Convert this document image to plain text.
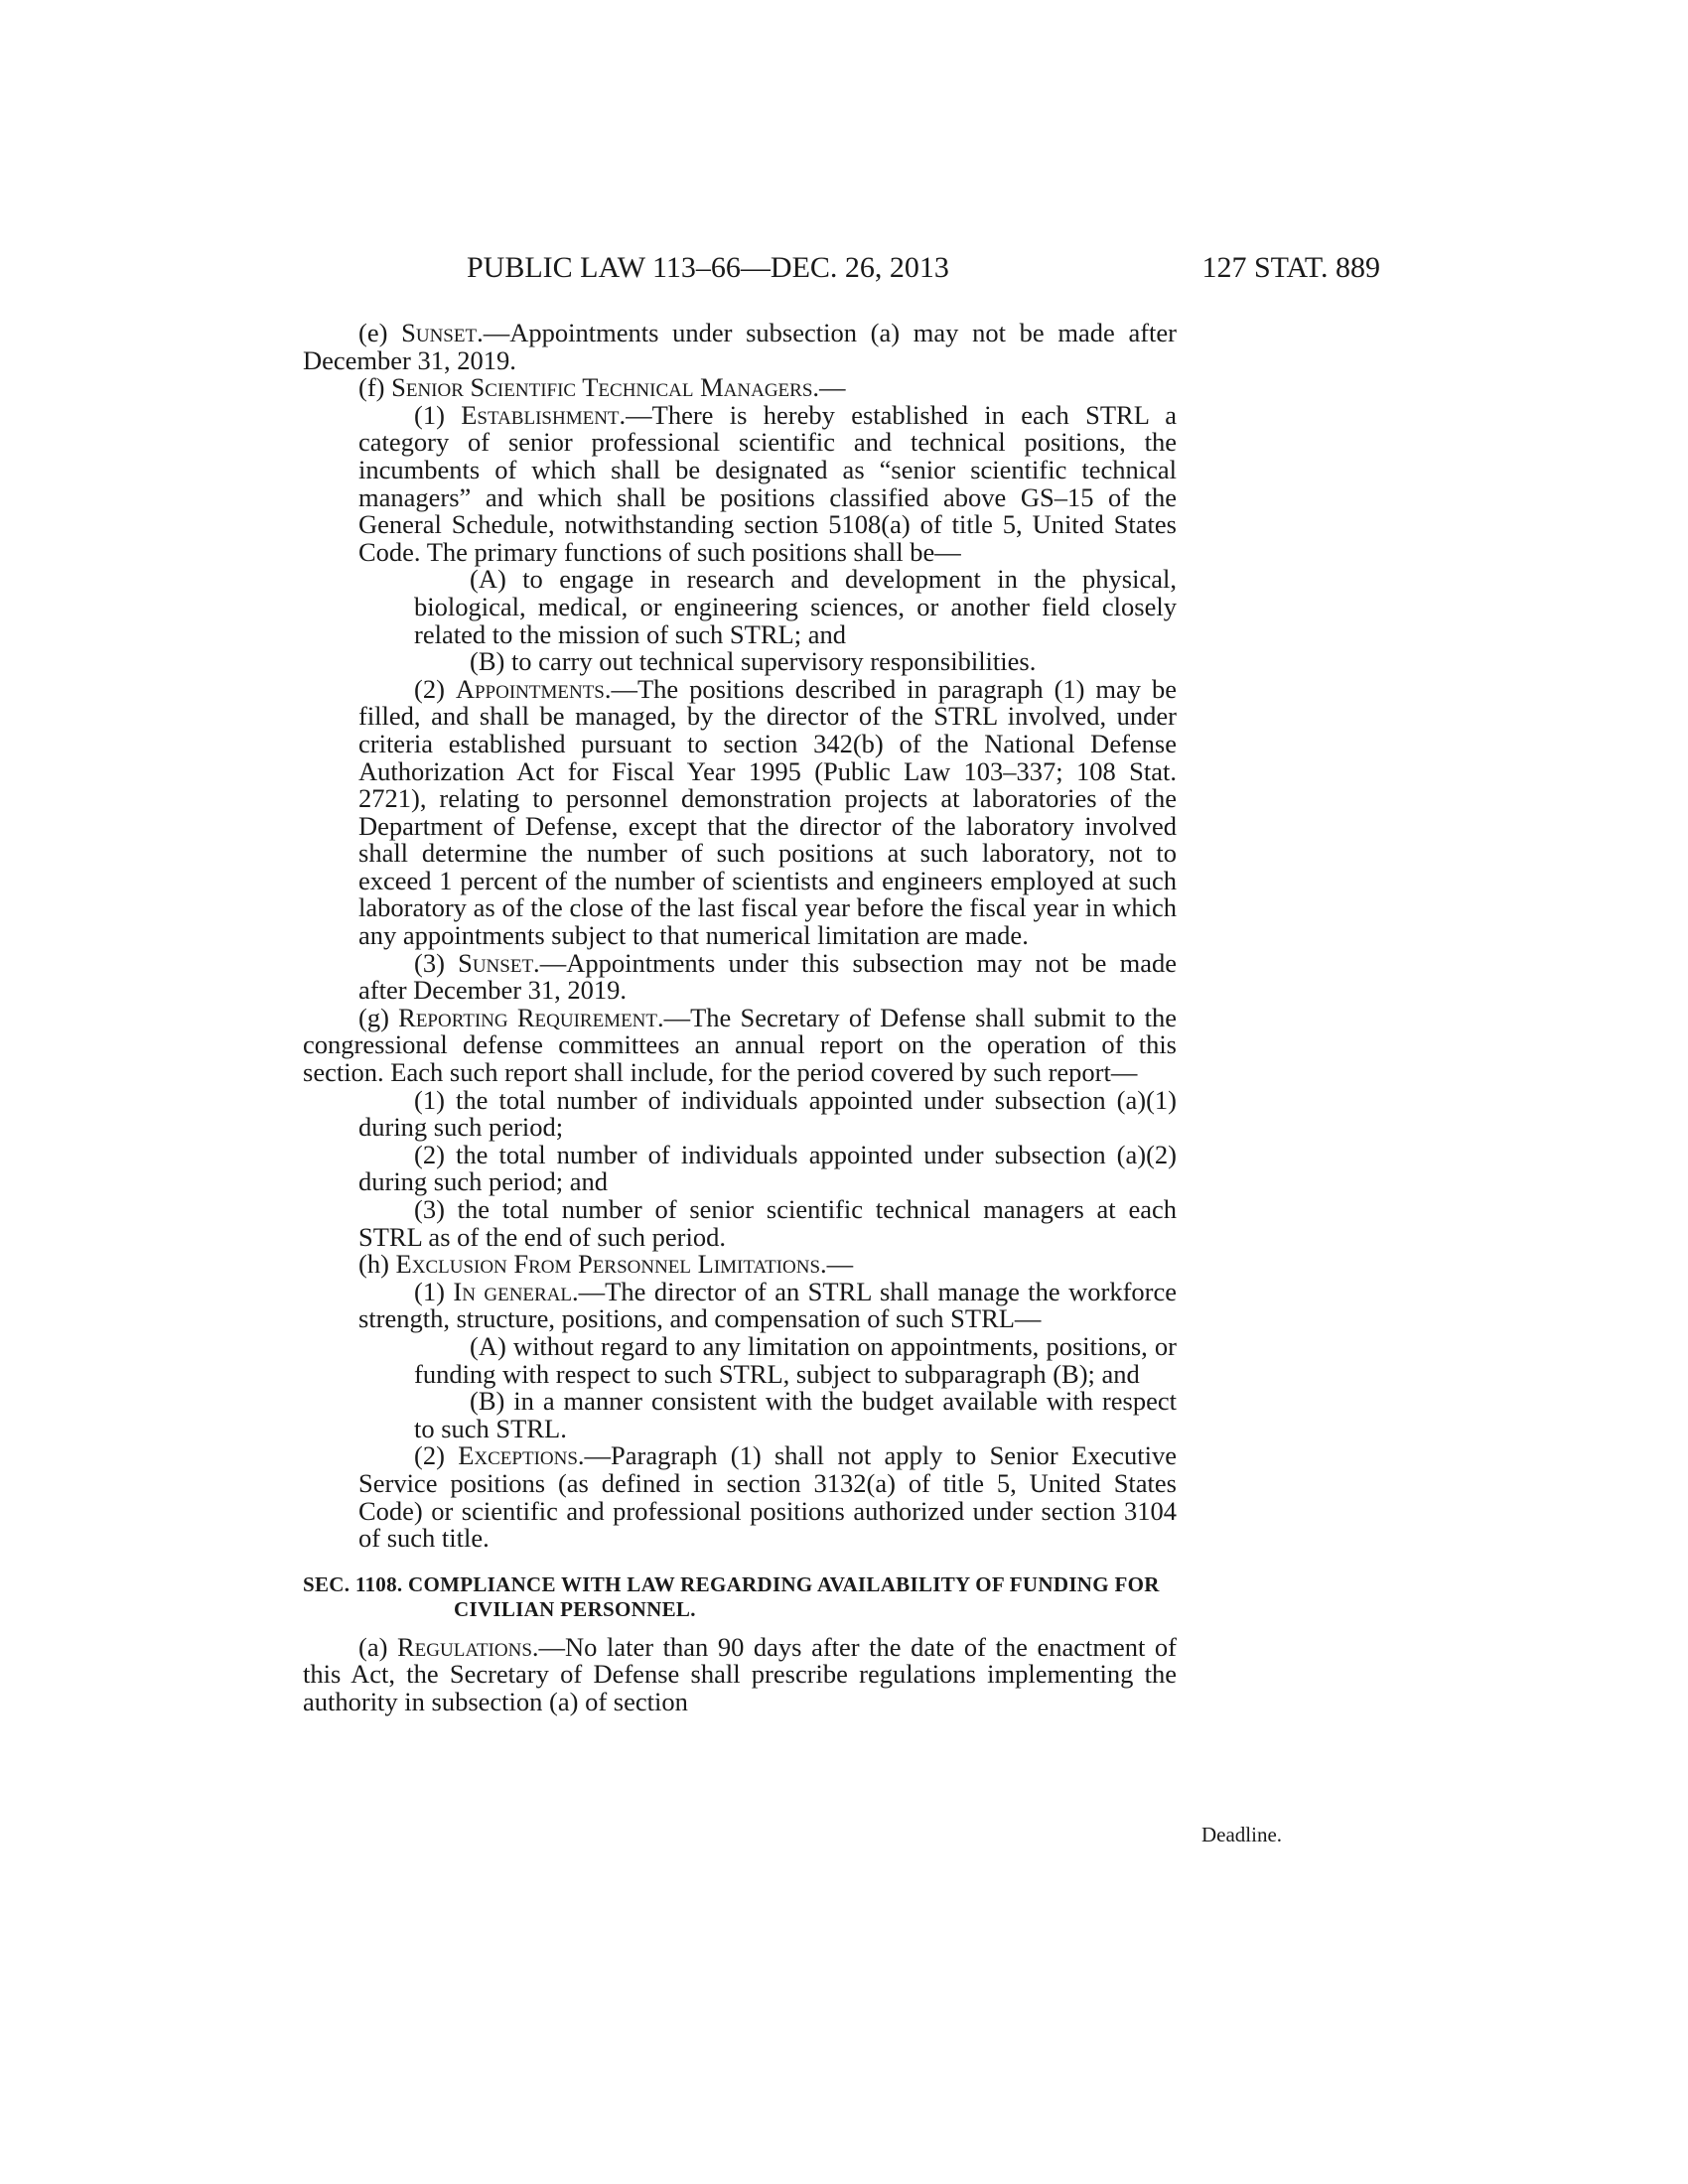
PUBLIC LAW 113–66—DEC. 26, 2013	127 STAT. 889
Deadline.

(e) Sunset.—Appointments under subsection (a) may not be made after December 31, 2019.

(f) Senior Scientific Technical Managers.—

(1) Establishment.—There is hereby established in each STRL a category of senior professional scientific and technical positions, the incumbents of which shall be designated as “senior scientific technical managers” and which shall be positions classified above GS–15 of the General Schedule, notwithstanding section 5108(a) of title 5, United States Code. The primary functions of such positions shall be—

(A) to engage in research and development in the physical, biological, medical, or engineering sciences, or another field closely related to the mission of such STRL; and

(B) to carry out technical supervisory responsibilities.

(2) Appointments.—The positions described in paragraph (1) may be filled, and shall be managed, by the director of the STRL involved, under criteria established pursuant to section 342(b) of the National Defense Authorization Act for Fiscal Year 1995 (Public Law 103–337; 108 Stat. 2721), relating to personnel demonstration projects at laboratories of the Department of Defense, except that the director of the laboratory involved shall determine the number of such positions at such laboratory, not to exceed 1 percent of the number of scientists and engineers employed at such laboratory as of the close of the last fiscal year before the fiscal year in which any appointments subject to that numerical limitation are made.

(3) Sunset.—Appointments under this subsection may not be made after December 31, 2019.

(g) Reporting Requirement.—The Secretary of Defense shall submit to the congressional defense committees an annual report on the operation of this section. Each such report shall include, for the period covered by such report—

(1) the total number of individuals appointed under subsection (a)(1) during such period;

(2) the total number of individuals appointed under subsection (a)(2) during such period; and

(3) the total number of senior scientific technical managers at each STRL as of the end of such period.

(h) Exclusion From Personnel Limitations.—

(1) In general.—The director of an STRL shall manage the workforce strength, structure, positions, and compensation of such STRL—

(A) without regard to any limitation on appointments, positions, or funding with respect to such STRL, subject to subparagraph (B); and

(B) in a manner consistent with the budget available with respect to such STRL.

(2) Exceptions.—Paragraph (1) shall not apply to Senior Executive Service positions (as defined in section 3132(a) of title 5, United States Code) or scientific and professional positions authorized under section 3104 of such title.

SEC. 1108. COMPLIANCE WITH LAW REGARDING AVAILABILITY OF FUNDING FOR CIVILIAN PERSONNEL.

(a) Regulations.—No later than 90 days after the date of the enactment of this Act, the Secretary of Defense shall prescribe regulations implementing the authority in subsection (a) of section
